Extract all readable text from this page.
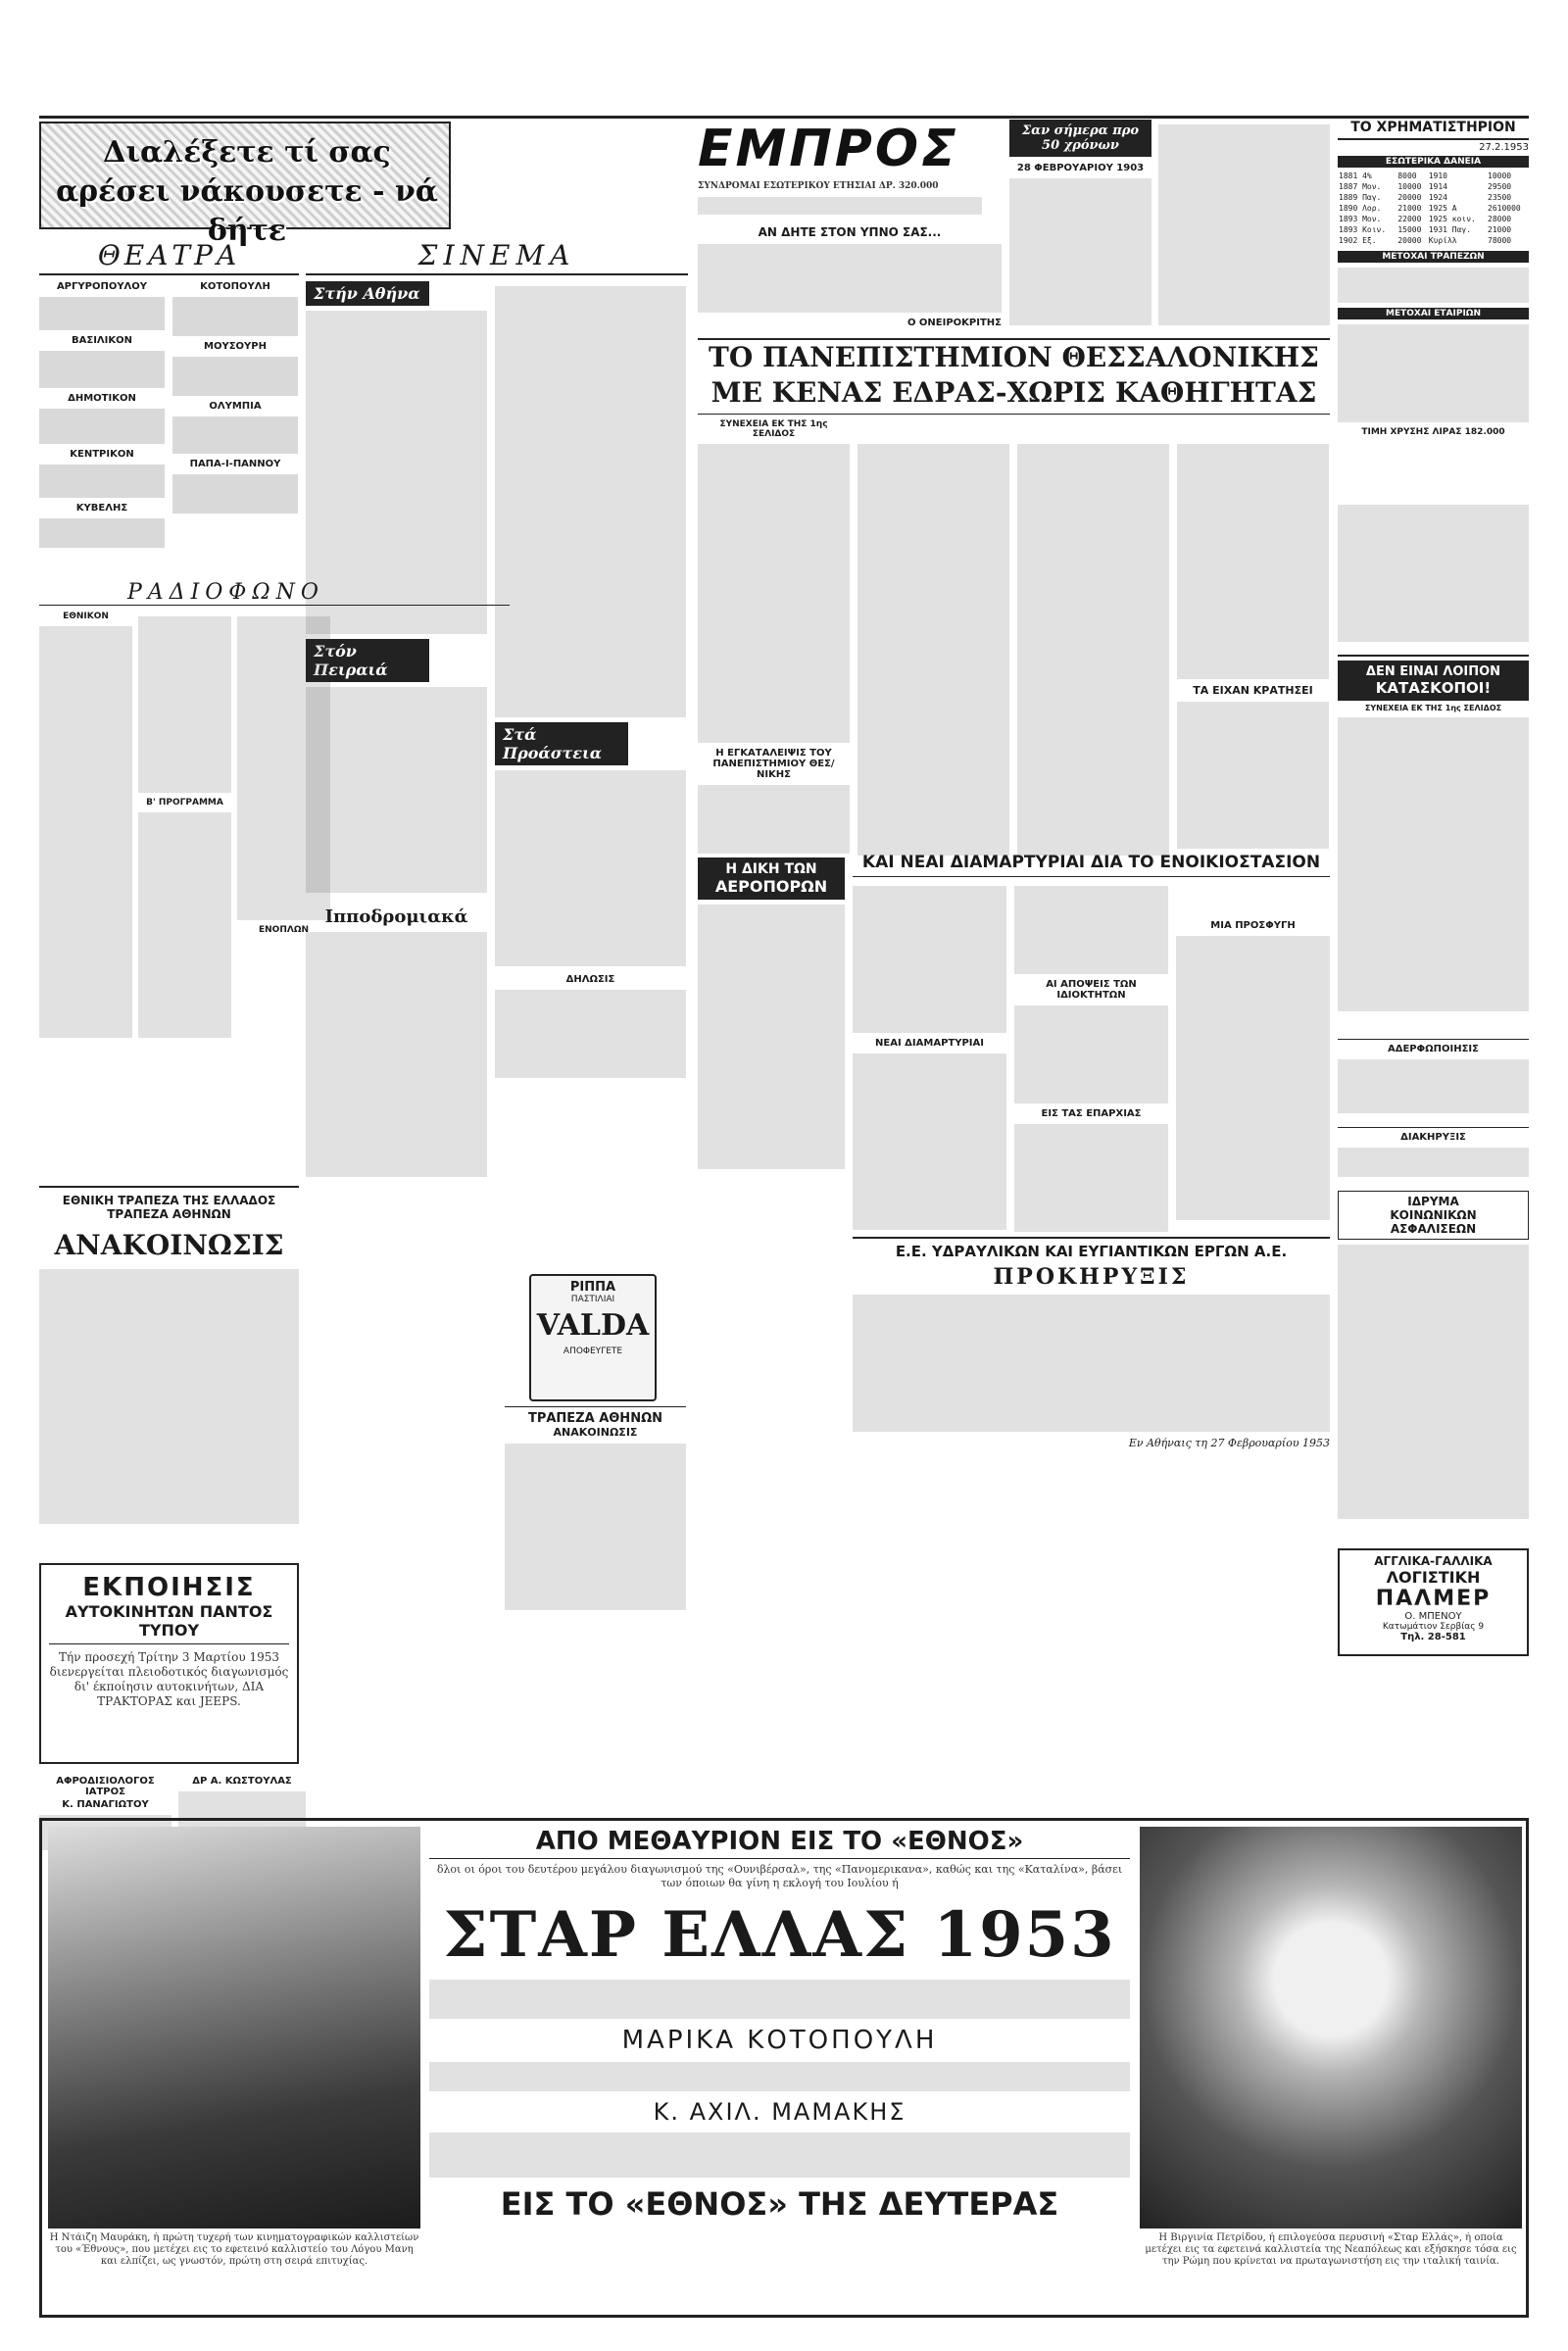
Διαλέξετε τί σας αρέσει νάκουσετε - νά δήτε
ΘΕΑΤΡΑ
ΑΡΓΥΡΟΠΟΥΛΟΥ
ΒΑΣΙΛΙΚΟΝ
ΔΗΜΟΤΙΚΟΝ
ΚΕΝΤΡΙΚΟΝ
ΚΥΒΕΛΗΣ
ΚΟΤΟΠΟΥΛΗ
ΜΟΥΣΟΥΡΗ
ΟΛΥΜΠΙΑ
ΠΑΠΑ-Ι-ΠΑΝΝΟΥ
ΣΙΝΕΜΑ
Στήν Αθήνα
Στόν Πειραιά
Ιπποδρομιακά
Στά Προάστεια
ΔΗΛΩΣΙΣ
ΡΑΔΙΟΦΩΝΟ
ΕΘΝΙΚΟΝ
Β' ΠΡΟΓΡΑΜΜΑ
ΕΝΟΠΛΩΝ
ΕΘΝΙΚΗ ΤΡΑΠΕΖΑ ΤΗΣ ΕΛΛΑΔΟΣ ΤΡΑΠΕΖΑ ΑΘΗΝΩΝ
ΑΝΑΚΟΙΝΩΣΙΣ
ΕΚΠΟΙΗΣΙΣ
ΑΥΤΟΚΙΝΗΤΩΝ ΠΑΝΤΟΣ ΤΥΠΟΥ
Τήν προσεχή Τρίτην 3 Μαρτίου 1953 διενεργείται πλειοδοτικός διαγωνισμός δι' έκποίησιν αυτοκινήτων, ΔΙΑ ΤΡΑΚΤΟΡΑΣ και JEEPS.
ΑΦΡΟΔΙΣΙΟΛΟΓΟΣ ΙΑΤΡΟΣ
Κ. ΠΑΝΑΓΙΩΤΟΥ
ΔΡ Α. ΚΩΣΤΟΥΛΑΣ
ΤΡΑΠΕΖΑ ΑΘΗΝΩΝ
ΑΝΑΚΟΙΝΩΣΙΣ
ΡΙΠΠΑ
ΠΑΣΤΙΛΙΑΙ
VALDA
ΑΠΟΦΕΥΓΕΤΕ
ΕΜΠΡΟΣ
ΣΥΝΔΡΟΜΑΙ ΕΣΩΤΕΡΙΚΟΥ ΕΤΗΣΙΑΙ ΔΡ. 320.000
ΑΝ ΔΗΤΕ ΣΤΟΝ ΥΠΝΟ ΣΑΣ...
Ο ΟΝΕΙΡΟΚΡΙΤΗΣ
Σαν σήμερα προ 50 χρόνων
28 ΦΕΒΡΟΥΑΡΙΟΥ 1903
ΤΟ ΠΑΝΕΠΙΣΤΗΜΙΟΝ ΘΕΣΣΑΛΟΝΙΚΗΣ
ΜΕ ΚΕΝΑΣ ΕΔΡΑΣ-ΧΩΡΙΣ ΚΑΘΗΓΗΤΑΣ
ΣΥΝΕΧΕΙΑ ΕΚ ΤΗΣ 1ης ΣΕΛΙΔΟΣ
Η ΕΓΚΑΤΑΛΕΙΨΙΣ ΤΟΥ ΠΑΝΕΠΙΣΤΗΜΙΟΥ ΘΕΣ/ΝΙΚΗΣ
ΤΑ ΕΙΧΑΝ ΚΡΑΤΗΣΕΙ
Η ΔΙΚΗ ΤΩΝ
ΑΕΡΟΠΟΡΩΝ
ΚΑΙ ΝΕΑΙ ΔΙΑΜΑΡΤΥΡΙΑΙ ΔΙΑ ΤΟ ΕΝΟΙΚΙΟΣΤΑΣΙΟΝ
ΝΕΑΙ ΔΙΑΜΑΡΤΥΡΙΑΙ
ΑΙ ΑΠΟΨΕΙΣ ΤΩΝ ΙΔΙΟΚΤΗΤΩΝ
ΕΙΣ ΤΑΣ ΕΠΑΡΧΙΑΣ
ΜΙΑ ΠΡΟΣΦΥΓΗ
Ε.Ε. ΥΔΡΑΥΛΙΚΩΝ ΚΑΙ ΕΥΓΙΑΝΤΙΚΩΝ ΕΡΓΩΝ Α.Ε.
ΠΡΟΚΗΡΥΞΙΣ
Εν Αθήναις τη 27 Φεβρουαρίου 1953
ΤΟ ΧΡΗΜΑΤΙΣΤΗΡΙΟΝ
27.2.1953
ΕΣΩΤΕΡΙΚΑ ΔΑΝΕΙΑ
1881 4%	8000	1910	10000
1887 Μον.	10000	1914	29500
1889 Παγ.	20000	1924	23500
1890 Λορ.	21000	1925 Α	2610000
1893 Μον.	22000	1925 κοιν.	28000
1893 Κοιν.	15000	1931 Παγ.	21000
1902 Εξ.	20000	Κυρίλλ	78000
ΜΕΤΟΧΑΙ ΤΡΑΠΕΖΩΝ
ΜΕΤΟΧΑΙ ΕΤΑΙΡΙΩΝ
ΤΙΜΗ ΧΡΥΣΗΣ ΛΙΡΑΣ 182.000
ΔΕΝ ΕΙΝΑΙ ΛΟΙΠΟΝ
ΚΑΤΑΣΚΟΠΟΙ!
ΣΥΝΕΧΕΙΑ ΕΚ ΤΗΣ 1ης ΣΕΛΙΔΟΣ
ΑΔΕΡΦΩΠΟΙΗΣΙΣ
ΔΙΑΚΗΡΥΞΙΣ
ΙΔΡΥΜΑ
ΚΟΙΝΩΝΙΚΩΝ
ΑΣΦΑΛΙΣΕΩΝ
ΑΓΓΛΙΚΑ-ΓΑΛΛΙΚΑ
ΛΟΓΙΣΤΙΚΗ
ΠΑΛΜΕΡ
Ο. ΜΠΕΝΟΥ
Κατωμάτιον Σερβίας 9
Τηλ. 28-581
Η Ντάιζη Μαυράκη, ή πρώτη τυχερή των κινηματογραφικών καλλιστείων του «Έθνους», που μετέχει εις το εφετεινό καλλιστείο του Λόγου Μανη και ελπίζει, ως γνωστόν, πρώτη στη σειρά επιτυχίας.
Η Βιργινία Πετρίδου, ή επιλογεύσα περυσινή «Σταρ Ελλάς», ή οποία μετέχει εις τα εφετεινά καλλιστεία της Νεαπόλεως και εξήσκησε τόσα εις την Ρώμη που κρίνεται να πρωταγωνιστήση εις την ιταλική ταινία.
ΑΠΟ ΜΕΘΑΥΡΙΟΝ ΕΙΣ ΤΟ «ΕΘΝΟΣ»
δλοι οι όροι του δευτέρου μεγάλου διαγωνισμού της «Ουνιβέρσαλ», της «Πανομερικανα», καθώς και της «Καταλίνα», βάσει των όποιων θα γίνη η εκλογή του Ιουλίου ή
ΣΤΑΡ ΕΛΛΑΣ 1953
ΜΑΡΙΚΑ ΚΟΤΟΠΟΥΛΗ
Κ. ΑΧΙΛ. ΜΑΜΑΚΗΣ
ΕΙΣ ΤΟ «ΕΘΝΟΣ» ΤΗΣ ΔΕΥΤΕΡΑΣ
